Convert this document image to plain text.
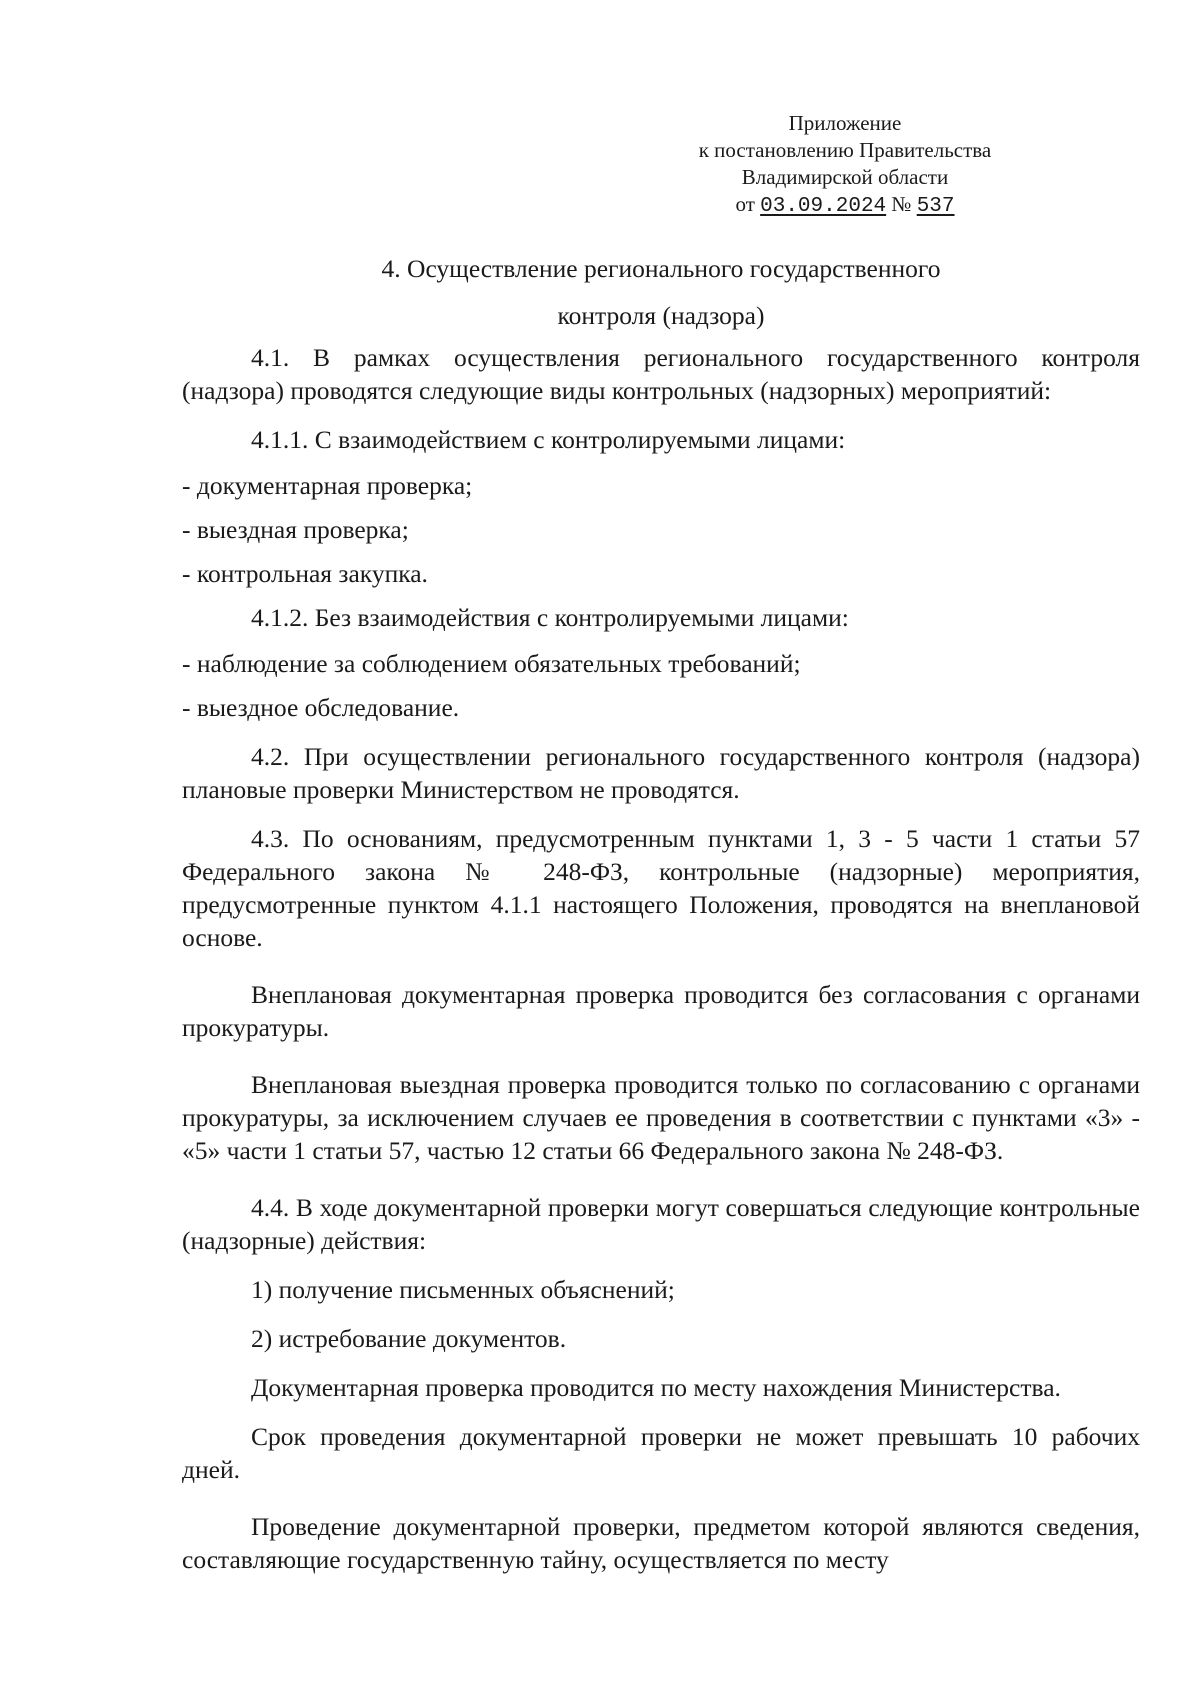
Приложение
к постановлению Правительства
Владимирской области
от 03.09.2024 № 537
4. Осуществление регионального государственного
контроля (надзора)

4.1. В рамках осуществления регионального государственного контроля (надзора) проводятся следующие виды контрольных (надзорных) мероприятий:

4.1.1. С взаимодействием с контролируемыми лицами:

- документарная проверка;

- выездная проверка;

- контрольная закупка.

4.1.2. Без взаимодействия с контролируемыми лицами:

- наблюдение за соблюдением обязательных требований;

- выездное обследование.

4.2. При осуществлении регионального государственного контроля (надзора) плановые проверки Министерством не проводятся.

4.3. По основаниям, предусмотренным пунктами 1, 3 - 5 части 1 статьи 57 Федерального закона № 248-ФЗ, контрольные (надзорные) мероприятия, предусмотренные пунктом 4.1.1 настоящего Положения, проводятся на внеплановой основе.

Внеплановая документарная проверка проводится без согласования с органами прокуратуры.

Внеплановая выездная проверка проводится только по согласованию с органами прокуратуры, за исключением случаев ее проведения в соответствии с пунктами «3» - «5» части 1 статьи 57, частью 12 статьи 66 Федерального закона № 248-ФЗ.

4.4. В ходе документарной проверки могут совершаться следующие контрольные (надзорные) действия:

1) получение письменных объяснений;

2) истребование документов.

Документарная проверка проводится по месту нахождения Министерства.

Срок проведения документарной проверки не может превышать 10 рабочих дней.

Проведение документарной проверки, предметом которой являются сведения, составляющие государственную тайну, осуществляется по месту
